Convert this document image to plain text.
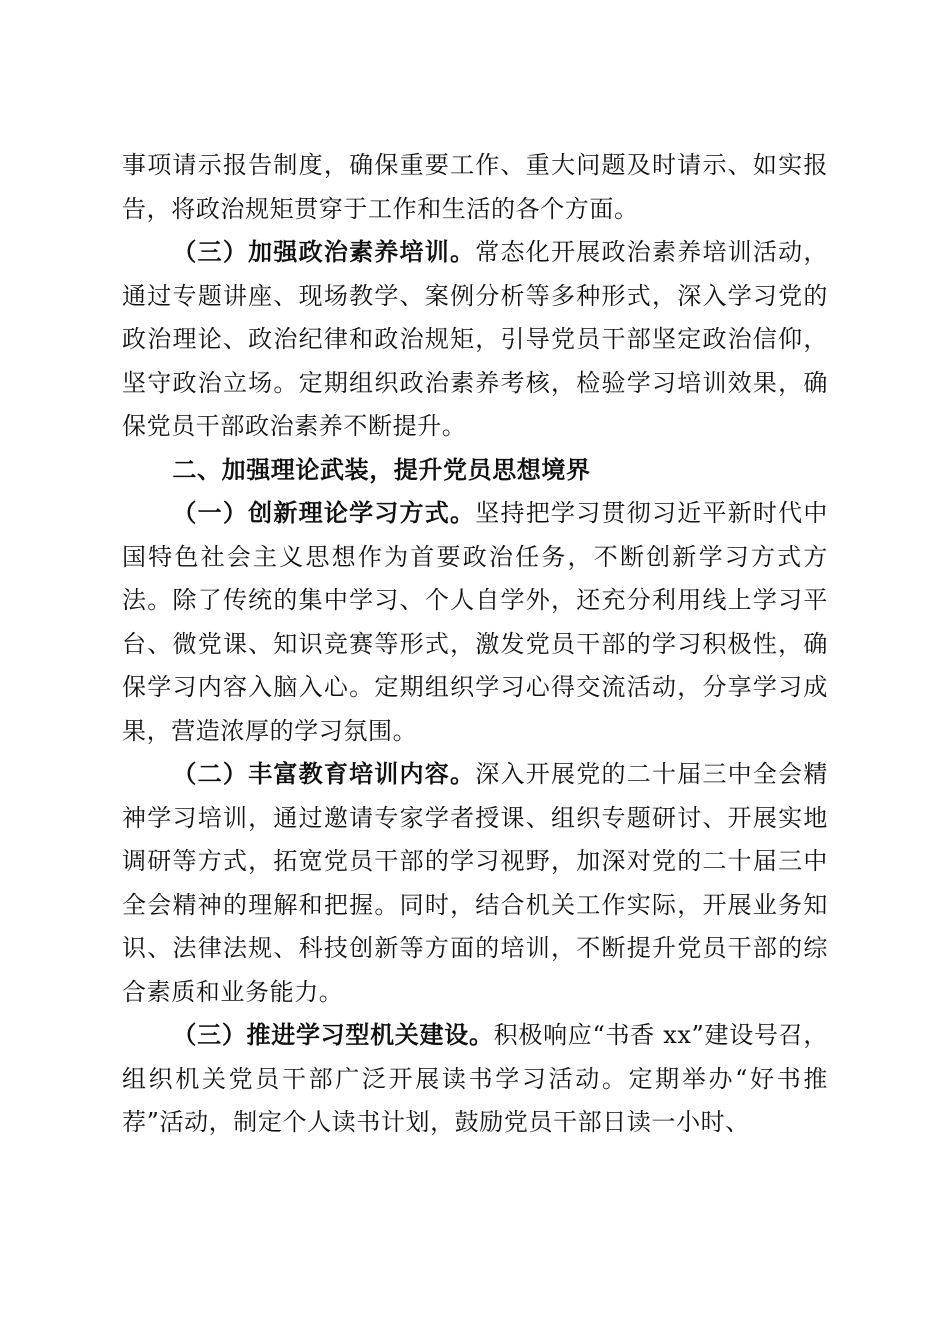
事项请示报告制度，确保重要工作、重大问题及时请示、如实报告，将政治规矩贯穿于工作和生活的各个方面。

（三）加强政治素养培训。常态化开展政治素养培训活动，通过专题讲座、现场教学、案例分析等多种形式，深入学习党的政治理论、政治纪律和政治规矩，引导党员干部坚定政治信仰，坚守政治立场。定期组织政治素养考核，检验学习培训效果，确保党员干部政治素养不断提升。

二、加强理论武装，提升党员思想境界

（一）创新理论学习方式。坚持把学习贯彻习近平新时代中国特色社会主义思想作为首要政治任务，不断创新学习方式方法。除了传统的集中学习、个人自学外，还充分利用线上学习平台、微党课、知识竞赛等形式，激发党员干部的学习积极性，确保学习内容入脑入心。定期组织学习心得交流活动，分享学习成果，营造浓厚的学习氛围。

（二）丰富教育培训内容。深入开展党的二十届三中全会精神学习培训，通过邀请专家学者授课、组织专题研讨、开展实地调研等方式，拓宽党员干部的学习视野，加深对党的二十届三中全会精神的理解和把握。同时，结合机关工作实际，开展业务知识、法律法规、科技创新等方面的培训，不断提升党员干部的综合素质和业务能力。

（三）推进学习型机关建设。积极响应“书香 xx”建设号召，组织机关党员干部广泛开展读书学习活动。定期举办“好书推荐”活动，制定个人读书计划，鼓励党员干部日读一小时、
